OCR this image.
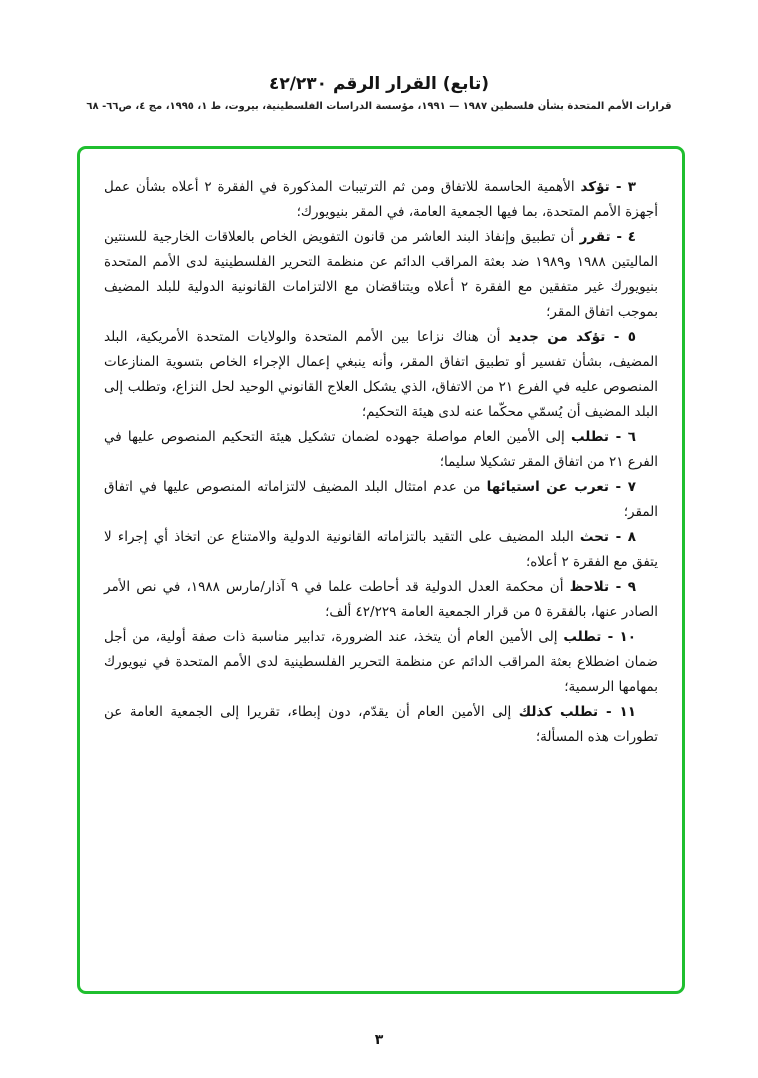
(تابع) القرار الرقم ٤٢/٢٣٠
قرارات الأمم المتحدة بشأن فلسطين ١٩٨٧ — ١٩٩١، مؤسسة الدراسات الفلسطينية، بيروت، ط ١، ١٩٩٥، مج ٤، ص٦٦- ٦٨

٣ - تؤكد الأهمية الحاسمة للاتفاق ومن ثم الترتيبات المذكورة في الفقرة ٢ أعلاه بشأن عمل أجهزة الأمم المتحدة، بما فيها الجمعية العامة، في المقر بنيويورك؛

٤ - تقرر أن تطبيق وإنفاذ البند العاشر من قانون التفويض الخاص بالعلاقات الخارجية للسنتين الماليتين ١٩٨٨ و١٩٨٩ ضد بعثة المراقب الدائم عن منظمة التحرير الفلسطينية لدى الأمم المتحدة بنيويورك غير متفقين مع الفقرة ٢ أعلاه ويتناقضان مع الالتزامات القانونية الدولية للبلد المضيف بموجب اتفاق المقر؛

٥ - تؤكد من جديد أن هناك نزاعا بين الأمم المتحدة والولايات المتحدة الأمريكية، البلد المضيف، بشأن تفسير أو تطبيق اتفاق المقر، وأنه ينبغي إعمال الإجراء الخاص بتسوية المنازعات المنصوص عليه في الفرع ٢١ من الاتفاق، الذي يشكل العلاج القانوني الوحيد لحل النزاع، وتطلب إلى البلد المضيف أن يُسمّي محكّما عنه لدى هيئة التحكيم؛

٦ - تطلب إلى الأمين العام مواصلة جهوده لضمان تشكيل هيئة التحكيم المنصوص عليها في الفرع ٢١ من اتفاق المقر تشكيلا سليما؛

٧ - تعرب عن استيائها من عدم امتثال البلد المضيف لالتزاماته المنصوص عليها في اتفاق المقر؛

٨ - تحث البلد المضيف على التقيد بالتزاماته القانونية الدولية والامتناع عن اتخاذ أي إجراء لا يتفق مع الفقرة ٢ أعلاه؛

٩ - تلاحظ أن محكمة العدل الدولية قد أحاطت علما في ٩ آذار/مارس ١٩٨٨، في نص الأمر الصادر عنها، بالفقرة ٥ من قرار الجمعية العامة ٤٢/٢٢٩ ألف؛

١٠ - تطلب إلى الأمين العام أن يتخذ، عند الضرورة، تدابير مناسبة ذات صفة أولية، من أجل ضمان اضطلاع بعثة المراقب الدائم عن منظمة التحرير الفلسطينية لدى الأمم المتحدة في نيويورك بمهامها الرسمية؛

١١ - تطلب كذلك إلى الأمين العام أن يقدّم، دون إبطاء، تقريرا إلى الجمعية العامة عن تطورات هذه المسألة؛

٣
